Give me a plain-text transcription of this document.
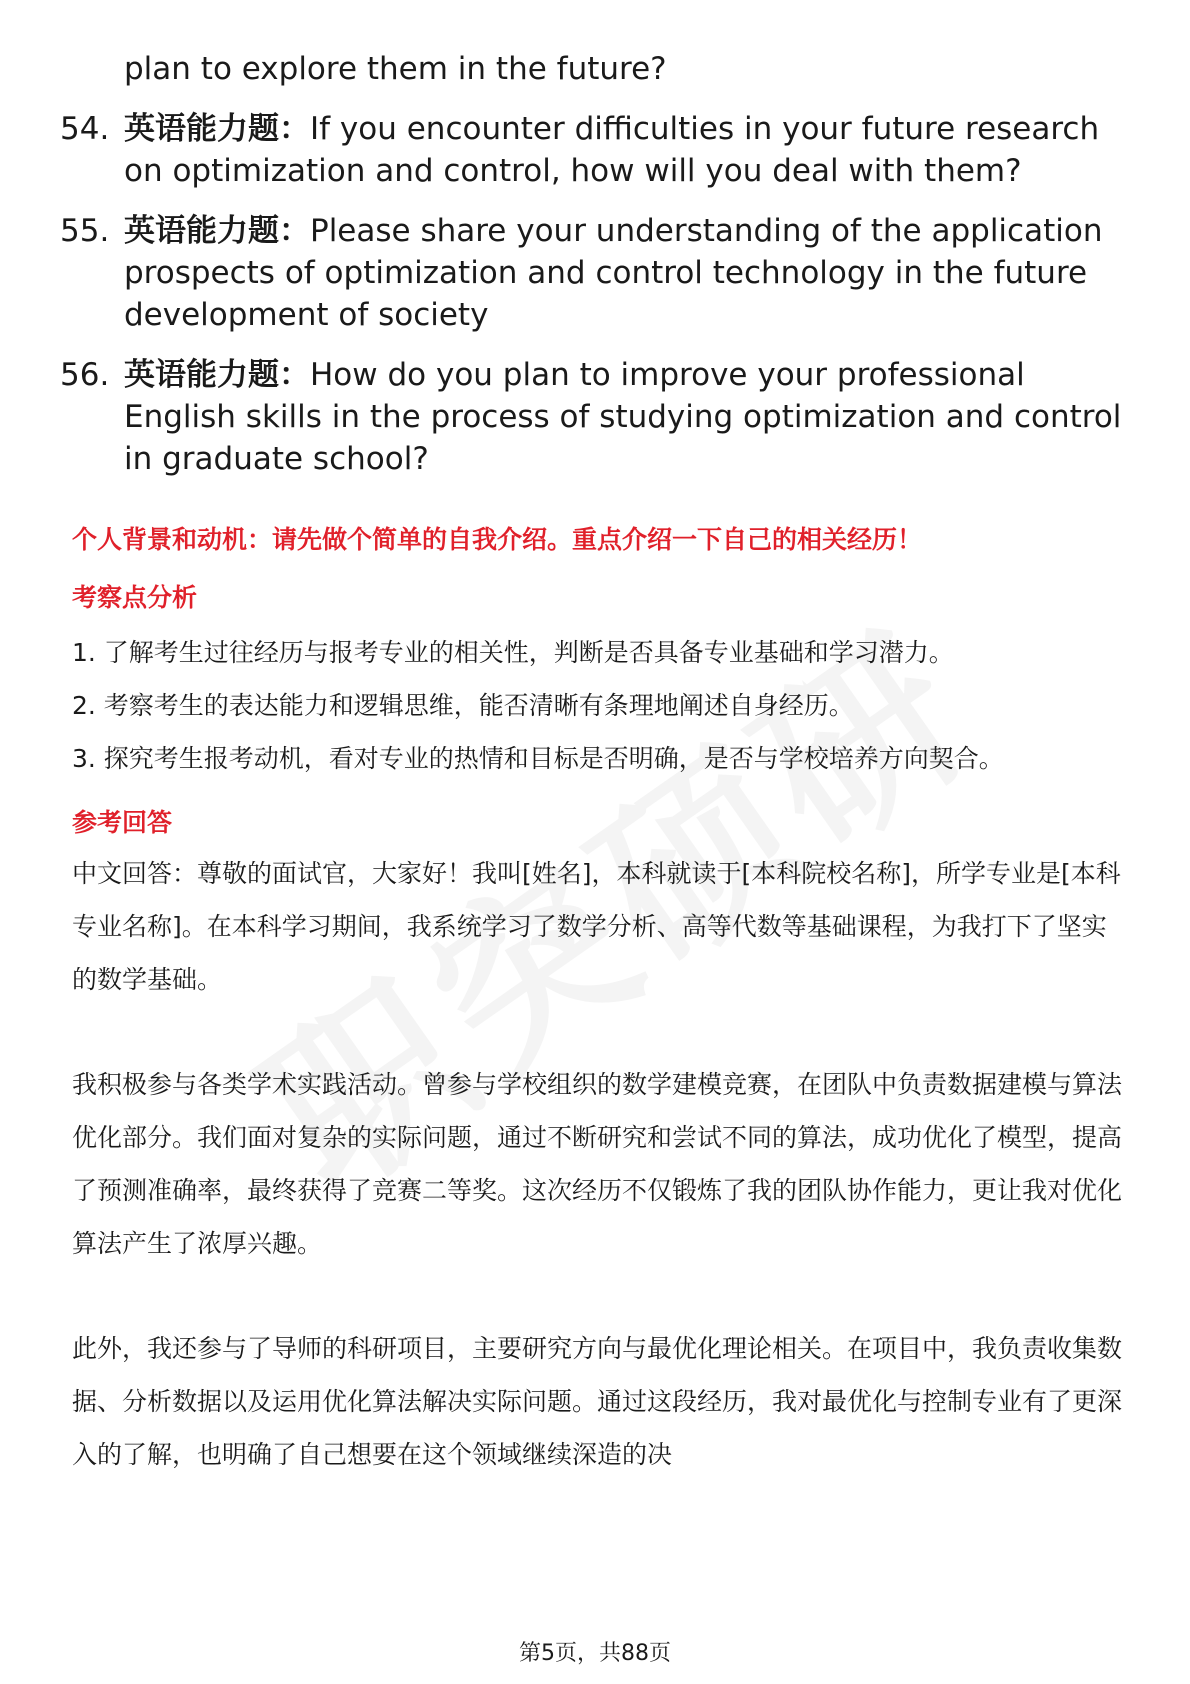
plan to explore them in the future?
54. 英语能力题：If you encounter difficulties in your future research on optimization and control, how will you deal with them?
55. 英语能力题：Please share your understanding of the application prospects of optimization and control technology in the future development of society
56. 英语能力题：How do you plan to improve your professional English skills in the process of studying optimization and control in graduate school?
个人背景和动机：请先做个简单的自我介绍。重点介绍一下自己的相关经历！
考察点分析
1. 了解考生过往经历与报考专业的相关性，判断是否具备专业基础和学习潜力。
2. 考察考生的表达能力和逻辑思维，能否清晰有条理地阐述自身经历。
3. 探究考生报考动机，看对专业的热情和目标是否明确，是否与学校培养方向契合。
参考回答
中文回答：尊敬的面试官，大家好！我叫[姓名]，本科就读于[本科院校名称]，所学专业是[本科专业名称]。在本科学习期间，我系统学习了数学分析、高等代数等基础课程，为我打下了坚实的数学基础。
我积极参与各类学术实践活动。曾参与学校组织的数学建模竞赛，在团队中负责数据建模与算法优化部分。我们面对复杂的实际问题，通过不断研究和尝试不同的算法，成功优化了模型，提高了预测准确率，最终获得了竞赛二等奖。这次经历不仅锻炼了我的团队协作能力，更让我对优化算法产生了浓厚兴趣。
此外，我还参与了导师的科研项目，主要研究方向与最优化理论相关。在项目中，我负责收集数据、分析数据以及运用优化算法解决实际问题。通过这段经历，我对最优化与控制专业有了更深入的了解，也明确了自己想要在这个领域继续深造的决
第5页，共88页
